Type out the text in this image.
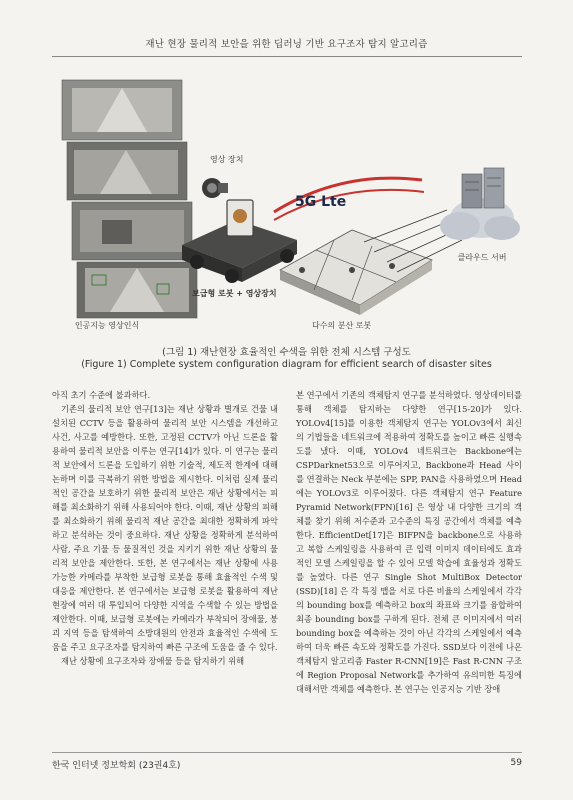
재난 현장 물리적 보안을 위한 딥러닝 기반 요구조자 탐지 알고리즘
인공지능 영상인식
영상 장치
보급형 로봇 + 영상장치
5G Lte
다수의 분산 로봇
클라우드 서버
(그림 1) 재난현장 효율적인 수색을 위한 전체 시스템 구성도
(Figure 1) Complete system configuration diagram for efficient search of disaster sites

아직 초기 수준에 불과하다.

기존의 물리적 보안 연구[13]는 재난 상황과 별개로 건물 내 설치된 CCTV 등을 활용하여 물리적 보안 시스템을 개선하고 사건, 사고를 예방한다. 또한, 고정된 CCTV가 아닌 드론을 활용하여 물리적 보안을 이루는 연구[14]가 있다. 이 연구는 물리적 보안에서 드론을 도입하기 위한 기술적, 제도적 한계에 대해 논하며 이를 극복하기 위한 방법을 제시한다. 이처럼 실제 물리적인 공간을 보호하기 위한 물리적 보안은 재난 상황에서는 피해를 최소화하기 위해 사용되어야 한다. 이때, 재난 상황의 피해를 최소화하기 위해 물리적 재난 공간을 최대한 정확하게 파악하고 분석하는 것이 중요하다. 재난 상황을 정확하게 분석하여 사람, 주요 기물 등 물질적인 것을 지키기 위한 재난 상황의 물리적 보안을 제안한다. 또한, 본 연구에서는 재난 상황에 사용 가능한 카메라를 부착한 보급형 로봇을 통해 효율적인 수색 및 대응을 제안한다. 본 연구에서는 보급형 로봇을 활용하여 재난현장에 여러 대 투입되어 다양한 지역을 수색할 수 있는 방법을 제안한다. 이때, 보급형 로봇에는 카메라가 부착되어 장애물, 붕괴 지역 등을 탐색하여 소방대원의 안전과 효율적인 수색에 도움을 주고 요구조자를 탐지하여 빠른 구조에 도움을 줄 수 있다.

재난 상황에 요구조자와 장애물 등을 탐지하기 위해

본 연구에서 기존의 객체탐지 연구를 분석하였다. 영상데이터를 통해 객체를 탐지하는 다양한 연구[15-20]가 있다. YOLOv4[15]를 이용한 객체탐지 연구는 YOLOv3에서 최신의 기법들을 네트워크에 적용하여 정확도를 높이고 빠른 실행속도를 냈다. 이때, YOLOv4 네트워크는 Backbone에는 CSPDarknet53으로 이루어지고, Backbone과 Head 사이를 연결하는 Neck 부분에는 SPP, PAN을 사용하였으며 Head에는 YOLOv3로 이루어졌다. 다른 객체탐지 연구 Feature Pyramid Network(FPN)[16] 은 영상 내 다양한 크기의 객체를 찾기 위해 저수준과 고수준의 특징 공간에서 객체를 예측한다. EfficientDet[17]은 BIFPN을 backbone으로 사용하고 복합 스케일링을 사용하여 큰 입력 이미지 데이터에도 효과적인 모델 스케일링을 할 수 있어 모델 학습에 효율성과 정확도를 높였다. 다른 연구 Single Shot MultiBox Detector (SSD)[18] 은 각 특징 맵을 서로 다른 비율의 스케일에서 각각의 bounding box를 예측하고 box의 좌표와 크기를 융합하여 최종 bounding box를 구하게 된다. 전체 큰 이미지에서 여러 bounding box을 예측하는 것이 아닌 각각의 스케일에서 예측하여 더욱 빠른 속도와 정확도를 가진다. SSD보다 이전에 나온 객체탐지 알고리즘 Faster R-CNN[19]은 Fast R-CNN 구조에 Region Proposal Network를 추가하여 유의미한 특징에 대해서만 객체를 예측한다. 본 연구는 인공지능 기반 장애

한국 인터넷 정보학회 (23권4호)	59
